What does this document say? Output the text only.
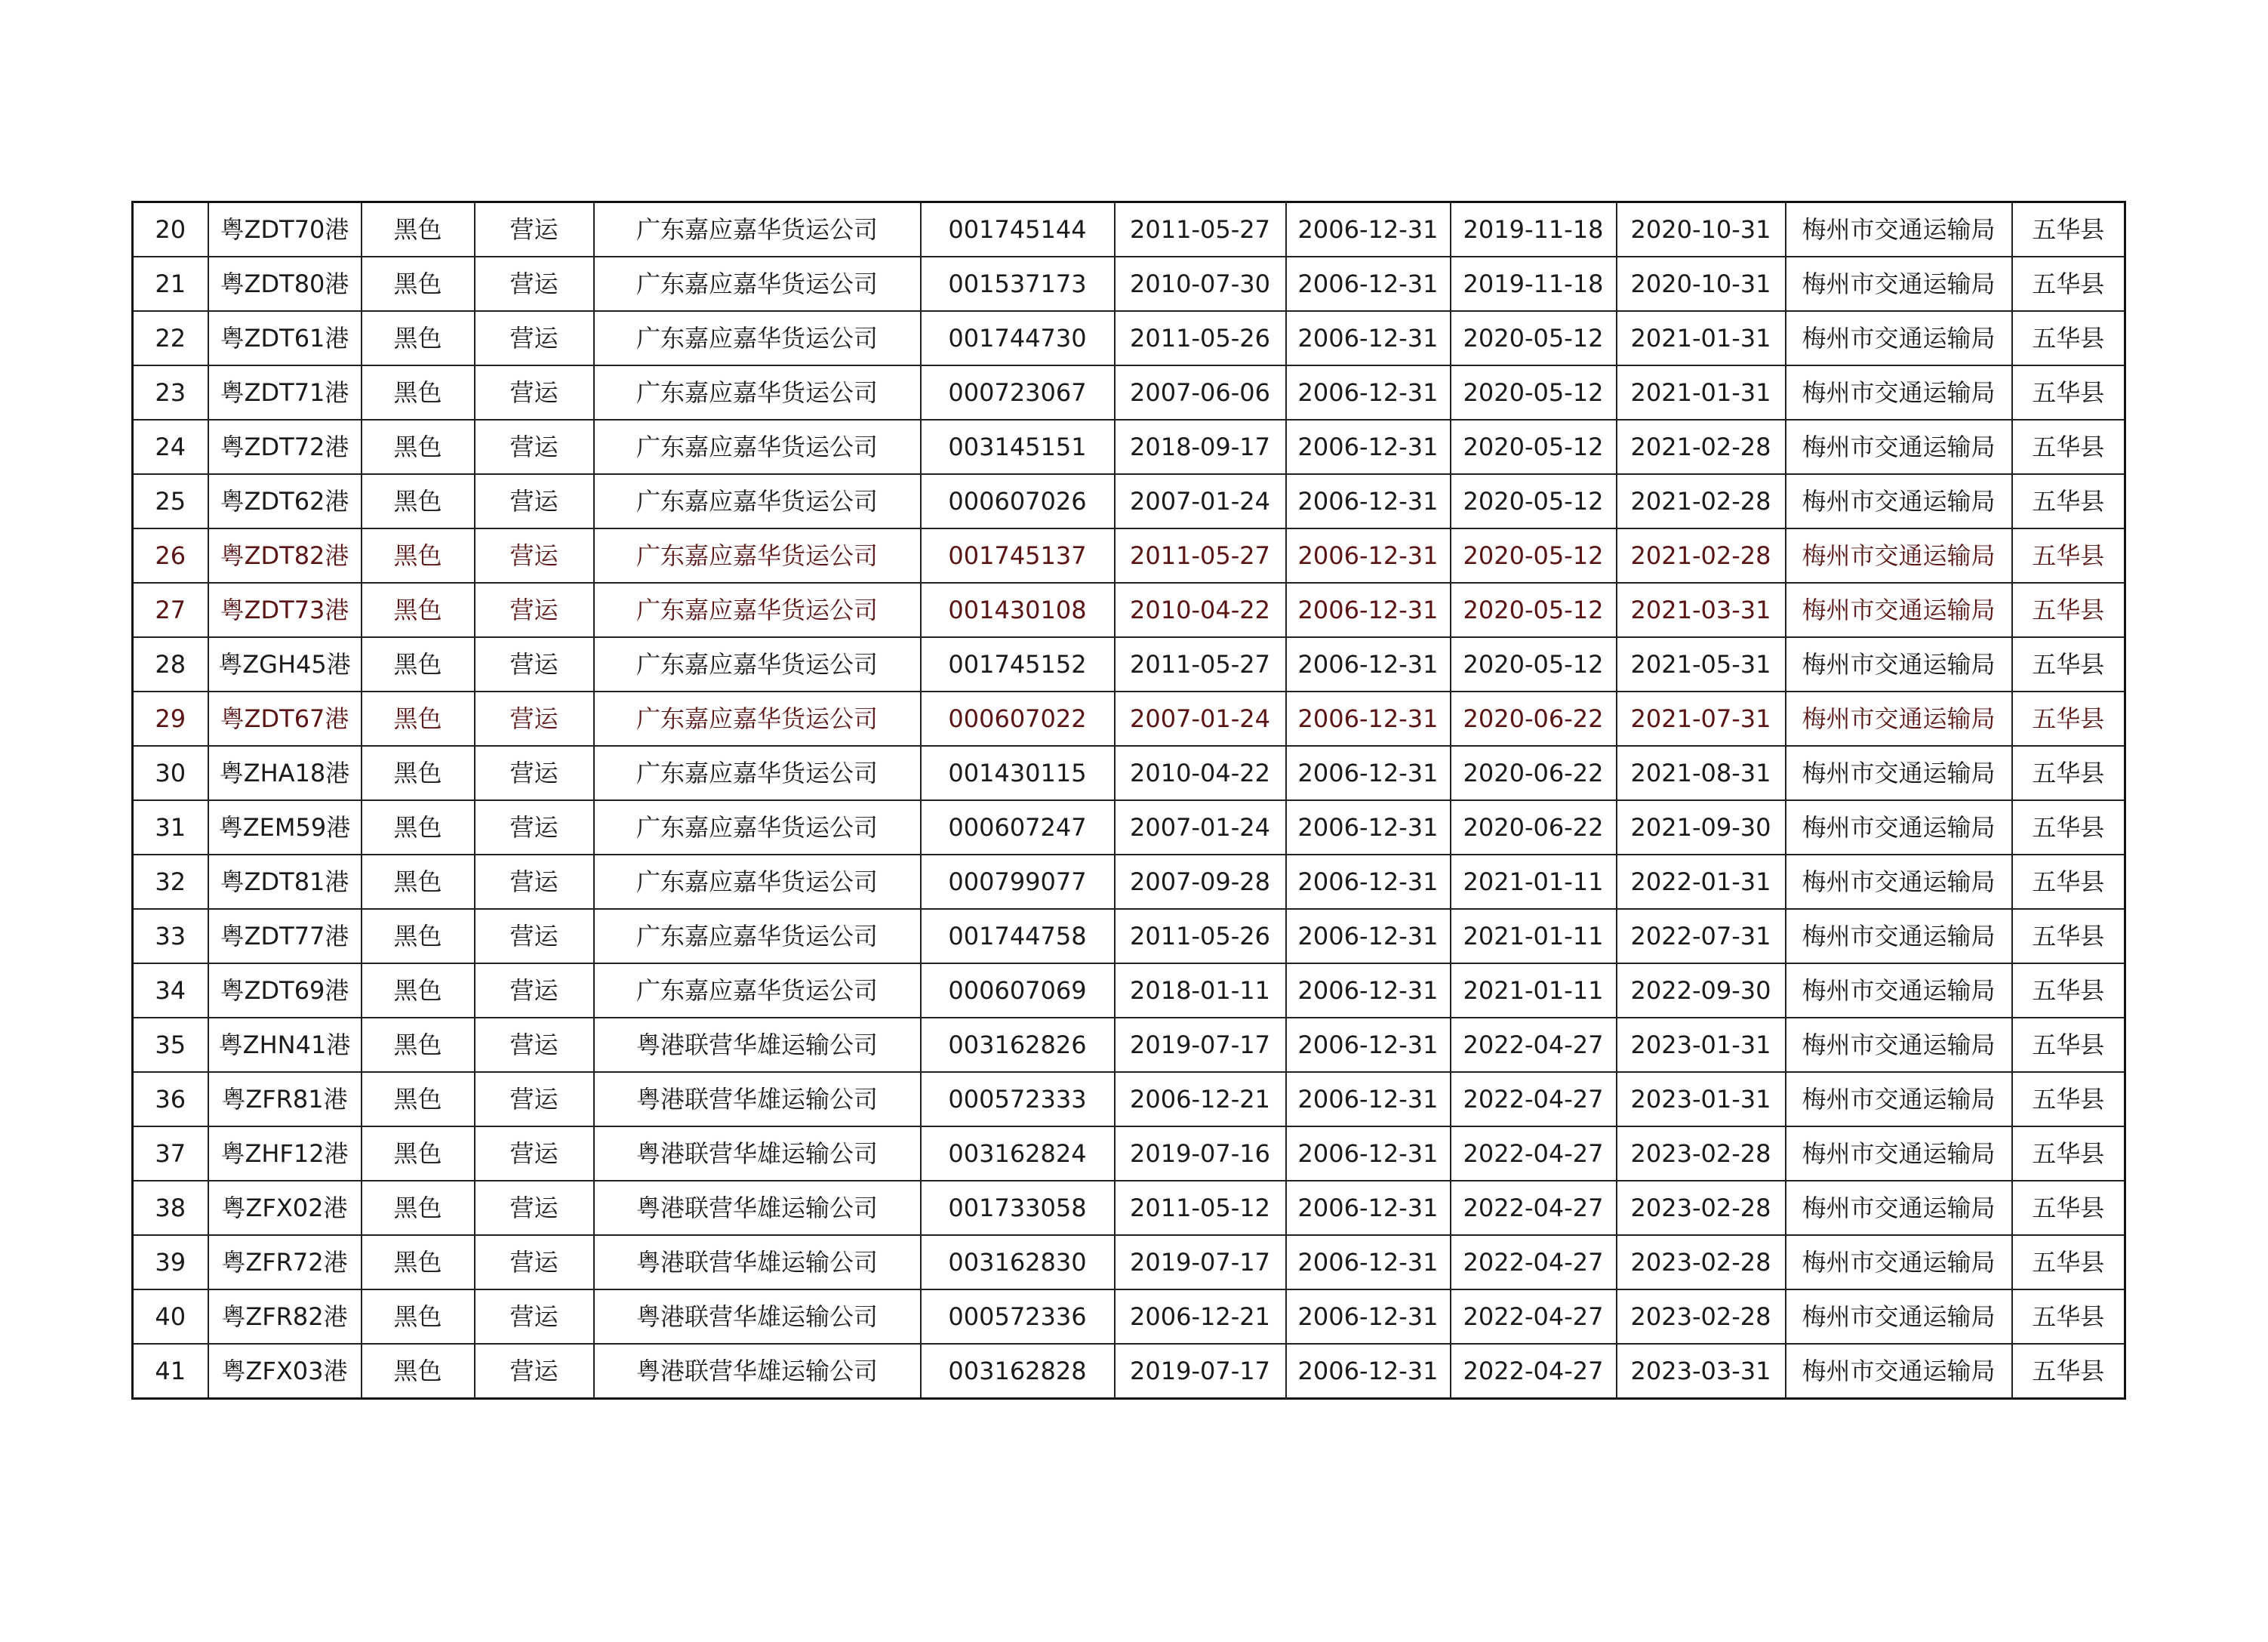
20	粤ZDT70港	黑色	营运	广东嘉应嘉华货运公司	001745144	2011-05-27	2006-12-31	2019-11-18	2020-10-31	梅州市交通运输局	五华县
21	粤ZDT80港	黑色	营运	广东嘉应嘉华货运公司	001537173	2010-07-30	2006-12-31	2019-11-18	2020-10-31	梅州市交通运输局	五华县
22	粤ZDT61港	黑色	营运	广东嘉应嘉华货运公司	001744730	2011-05-26	2006-12-31	2020-05-12	2021-01-31	梅州市交通运输局	五华县
23	粤ZDT71港	黑色	营运	广东嘉应嘉华货运公司	000723067	2007-06-06	2006-12-31	2020-05-12	2021-01-31	梅州市交通运输局	五华县
24	粤ZDT72港	黑色	营运	广东嘉应嘉华货运公司	003145151	2018-09-17	2006-12-31	2020-05-12	2021-02-28	梅州市交通运输局	五华县
25	粤ZDT62港	黑色	营运	广东嘉应嘉华货运公司	000607026	2007-01-24	2006-12-31	2020-05-12	2021-02-28	梅州市交通运输局	五华县
26	粤ZDT82港	黑色	营运	广东嘉应嘉华货运公司	001745137	2011-05-27	2006-12-31	2020-05-12	2021-02-28	梅州市交通运输局	五华县
27	粤ZDT73港	黑色	营运	广东嘉应嘉华货运公司	001430108	2010-04-22	2006-12-31	2020-05-12	2021-03-31	梅州市交通运输局	五华县
28	粤ZGH45港	黑色	营运	广东嘉应嘉华货运公司	001745152	2011-05-27	2006-12-31	2020-05-12	2021-05-31	梅州市交通运输局	五华县
29	粤ZDT67港	黑色	营运	广东嘉应嘉华货运公司	000607022	2007-01-24	2006-12-31	2020-06-22	2021-07-31	梅州市交通运输局	五华县
30	粤ZHA18港	黑色	营运	广东嘉应嘉华货运公司	001430115	2010-04-22	2006-12-31	2020-06-22	2021-08-31	梅州市交通运输局	五华县
31	粤ZEM59港	黑色	营运	广东嘉应嘉华货运公司	000607247	2007-01-24	2006-12-31	2020-06-22	2021-09-30	梅州市交通运输局	五华县
32	粤ZDT81港	黑色	营运	广东嘉应嘉华货运公司	000799077	2007-09-28	2006-12-31	2021-01-11	2022-01-31	梅州市交通运输局	五华县
33	粤ZDT77港	黑色	营运	广东嘉应嘉华货运公司	001744758	2011-05-26	2006-12-31	2021-01-11	2022-07-31	梅州市交通运输局	五华县
34	粤ZDT69港	黑色	营运	广东嘉应嘉华货运公司	000607069	2018-01-11	2006-12-31	2021-01-11	2022-09-30	梅州市交通运输局	五华县
35	粤ZHN41港	黑色	营运	粤港联营华雄运输公司	003162826	2019-07-17	2006-12-31	2022-04-27	2023-01-31	梅州市交通运输局	五华县
36	粤ZFR81港	黑色	营运	粤港联营华雄运输公司	000572333	2006-12-21	2006-12-31	2022-04-27	2023-01-31	梅州市交通运输局	五华县
37	粤ZHF12港	黑色	营运	粤港联营华雄运输公司	003162824	2019-07-16	2006-12-31	2022-04-27	2023-02-28	梅州市交通运输局	五华县
38	粤ZFX02港	黑色	营运	粤港联营华雄运输公司	001733058	2011-05-12	2006-12-31	2022-04-27	2023-02-28	梅州市交通运输局	五华县
39	粤ZFR72港	黑色	营运	粤港联营华雄运输公司	003162830	2019-07-17	2006-12-31	2022-04-27	2023-02-28	梅州市交通运输局	五华县
40	粤ZFR82港	黑色	营运	粤港联营华雄运输公司	000572336	2006-12-21	2006-12-31	2022-04-27	2023-02-28	梅州市交通运输局	五华县
41	粤ZFX03港	黑色	营运	粤港联营华雄运输公司	003162828	2019-07-17	2006-12-31	2022-04-27	2023-03-31	梅州市交通运输局	五华县
